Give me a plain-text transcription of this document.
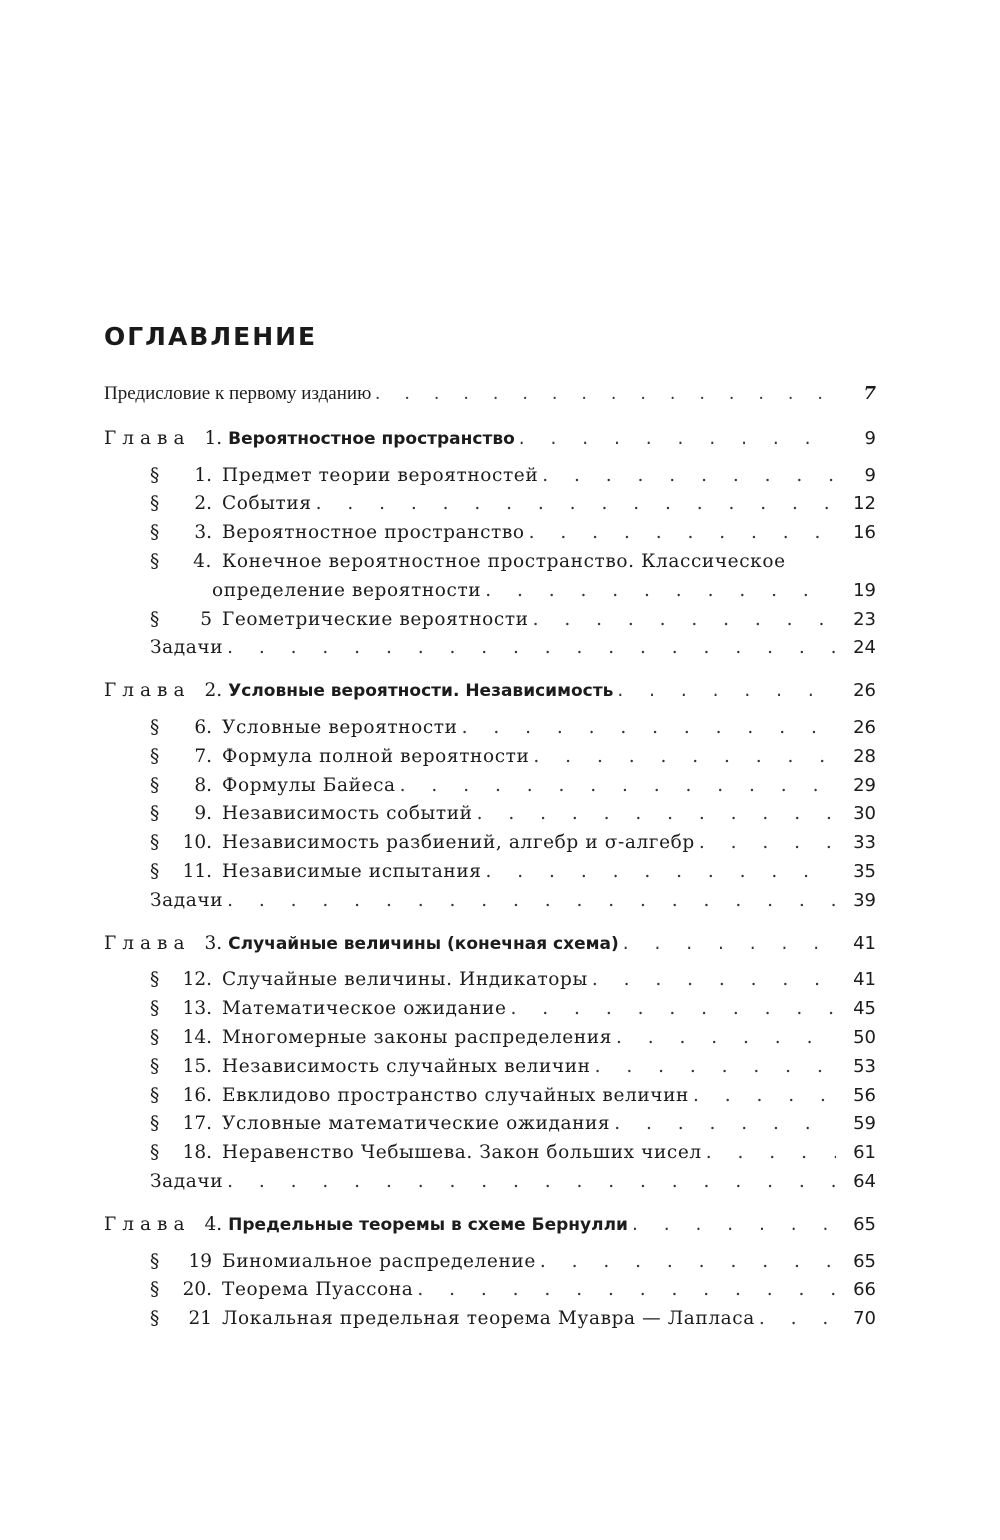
ОГЛАВЛЕНИЕ
Предисловие к первому изданию . . .	7
Глава 1. Вероятностное пространство . . .	9
§ 1. Предмет теории вероятностей . . .	9
§ 2. События . . .	12
§ 3. Вероятностное пространство . . .	16
§ 4. Конечное вероятностное пространство. Классическое
определение вероятности . . .	19
§ 5 Геометрические вероятности . . .	23
Задачи . . .	24
Глава 2. Условные вероятности. Независимость . . .	26
§ 6. Условные вероятности . . .	26
§ 7. Формула полной вероятности . . .	28
§ 8. Формулы Байеса . . .	29
§ 9. Независимость событий . . .	30
§ 10. Независимость разбиений, алгебр и σ-алгебр . . .	33
§ 11. Независимые испытания . . .	35
Задачи . . .	39
Глава 3. Случайные величины (конечная схема) . . .	41
§ 12. Случайные величины. Индикаторы . . .	41
§ 13. Математическое ожидание . . .	45
§ 14. Многомерные законы распределения . . .	50
§ 15. Независимость случайных величин . . .	53
§ 16. Евклидово пространство случайных величин . . .	56
§ 17. Условные математические ожидания . . .	59
§ 18. Неравенство Чебышева. Закон больших чисел . . .	61
Задачи . . .	64
Глава 4. Предельные теоремы в схеме Бернулли . . .	65
§ 19 Биномиальное распределение . . .	65
§ 20. Теорема Пуассона . . .	66
§ 21 Локальная предельная теорема Муавра — Лапласа . . .	70
